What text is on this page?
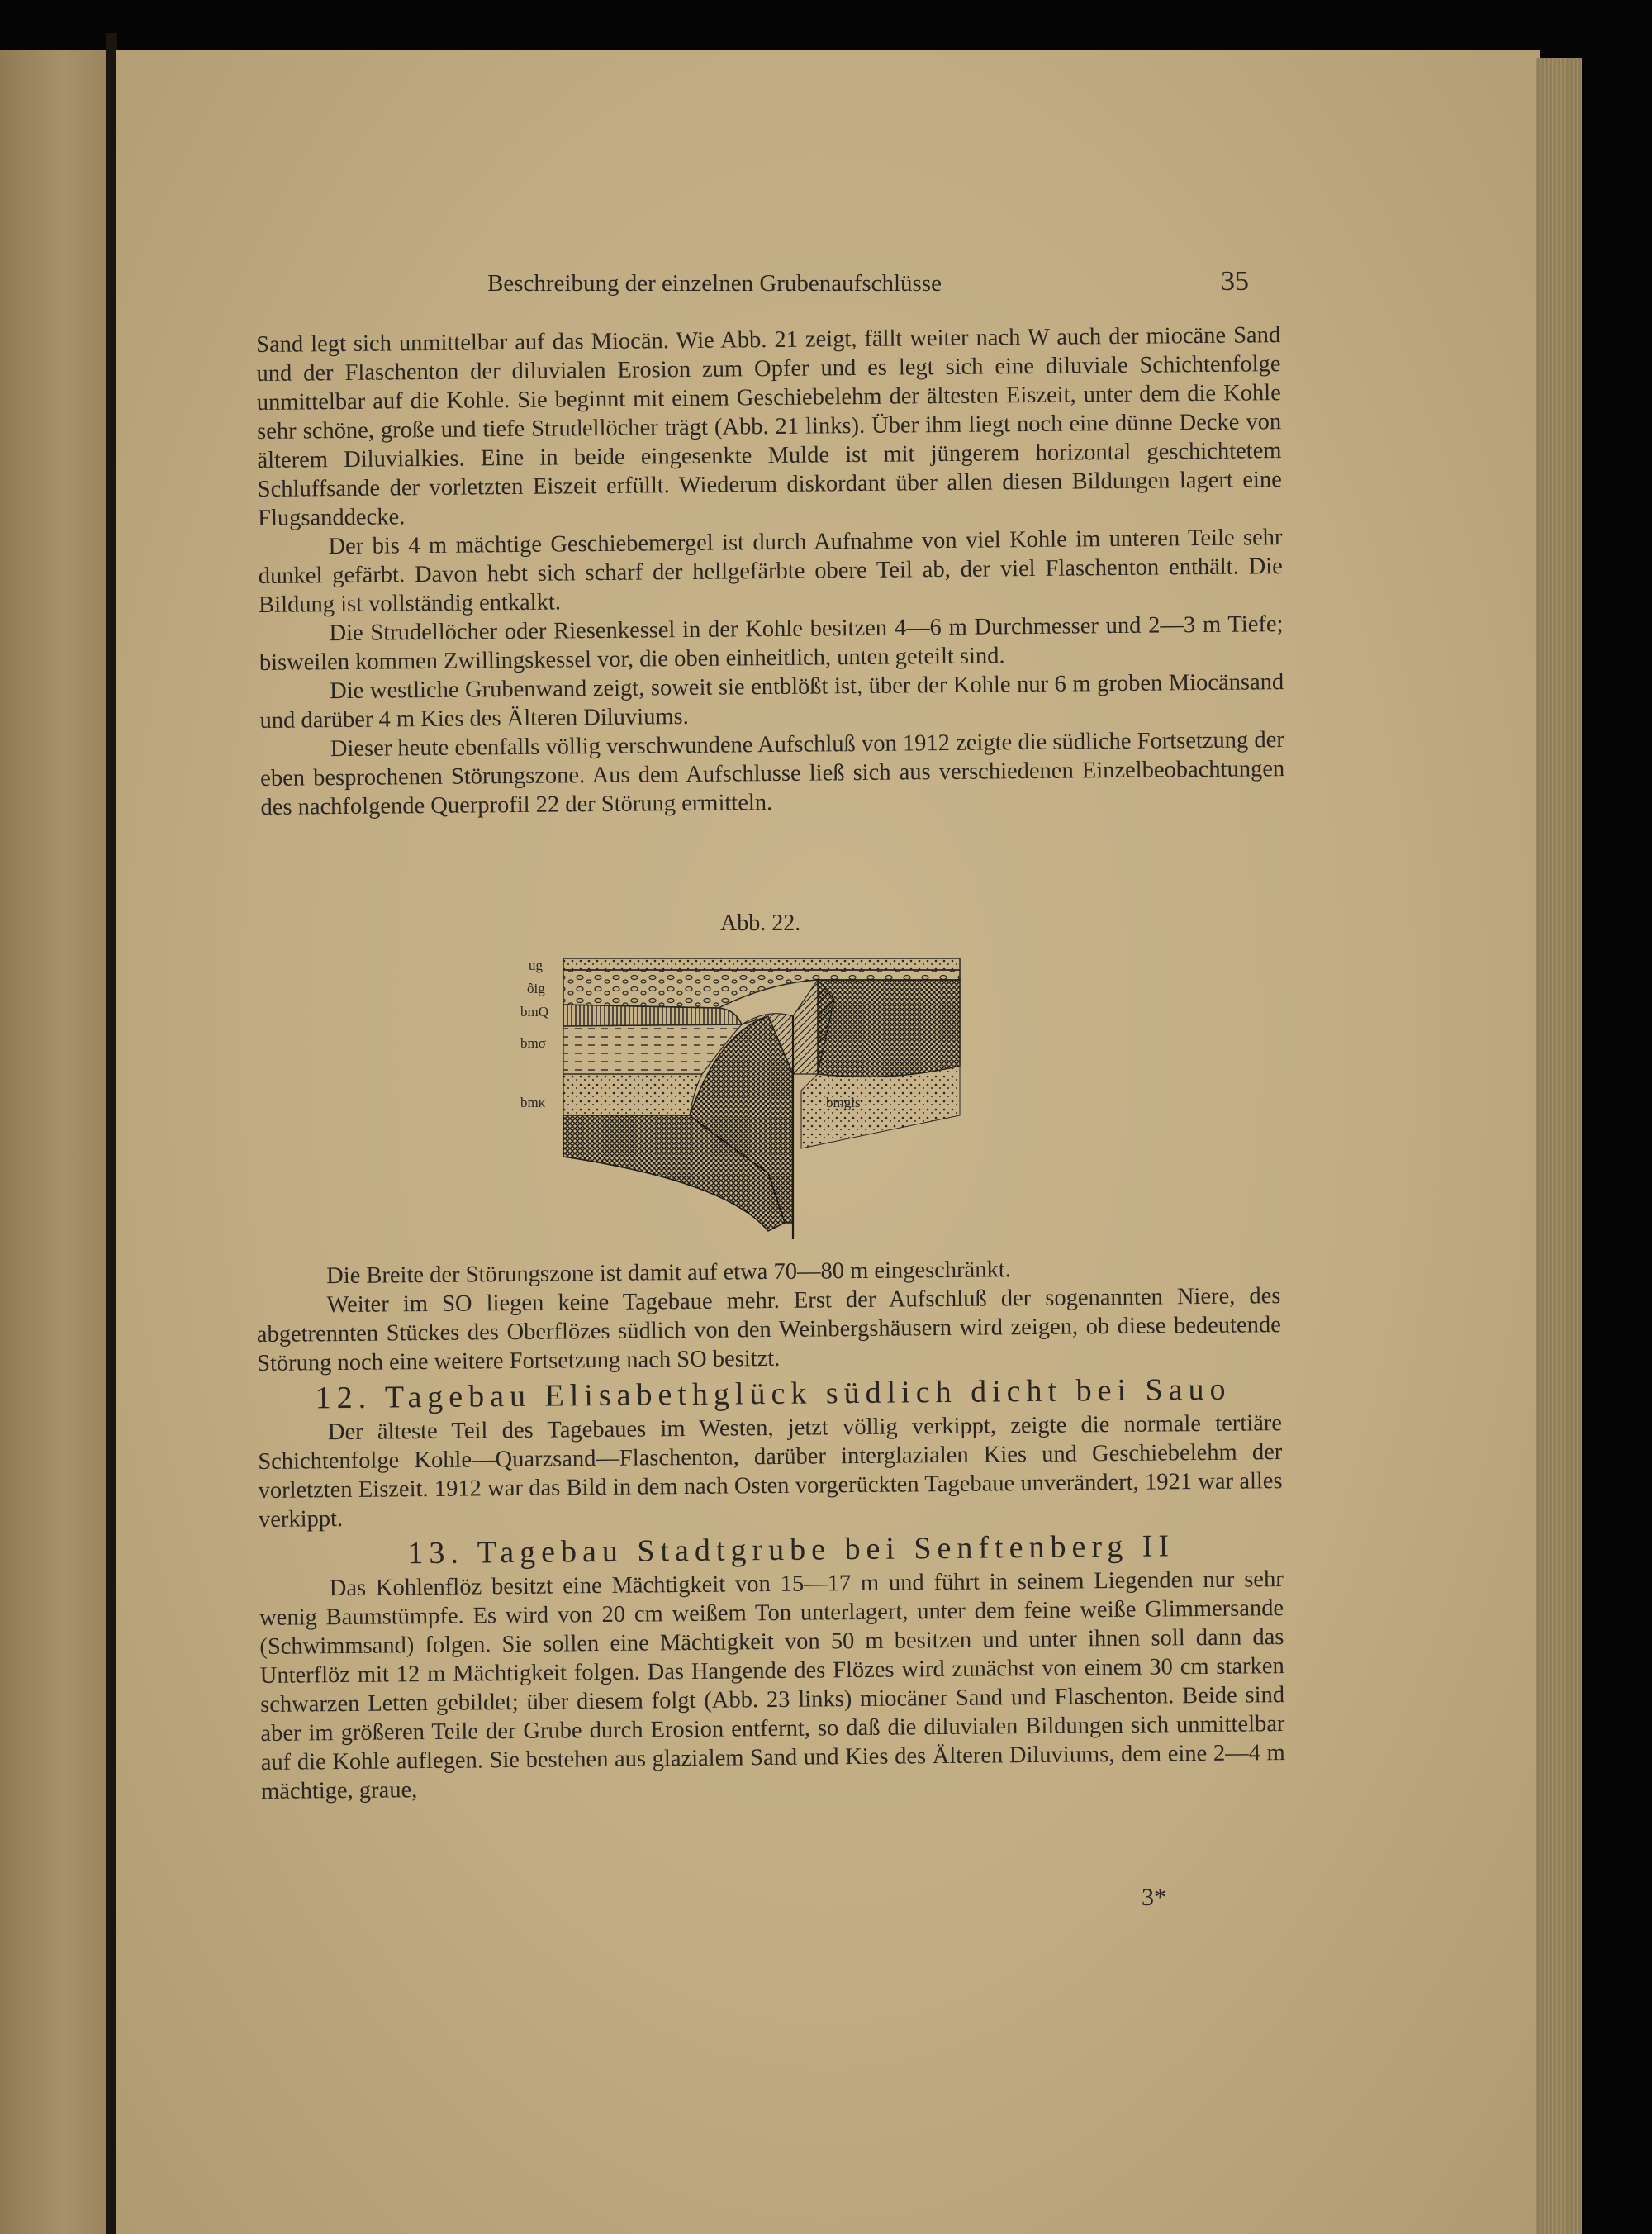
Beschreibung der einzelnen Grubenaufschlüsse	35

Sand legt sich unmittelbar auf das Miocän. Wie Abb. 21 zeigt, fällt weiter nach W auch der miocäne Sand und der Flaschenton der diluvialen Erosion zum Opfer und es legt sich eine diluviale Schichtenfolge unmittelbar auf die Kohle. Sie beginnt mit einem Geschiebelehm der ältesten Eiszeit, unter dem die Kohle sehr schöne, große und tiefe Strudellöcher trägt (Abb. 21 links). Über ihm liegt noch eine dünne Decke von älterem Diluvialkies. Eine in beide eingesenkte Mulde ist mit jüngerem horizontal geschichtetem Schluffsande der vorletzten Eiszeit erfüllt. Wiederum diskordant über allen diesen Bildungen lagert eine Flugsanddecke.

Der bis 4 m mächtige Geschiebemergel ist durch Aufnahme von viel Kohle im unteren Teile sehr dunkel gefärbt. Davon hebt sich scharf der hellgefärbte obere Teil ab, der viel Flaschenton enthält. Die Bildung ist vollständig entkalkt.

Die Strudellöcher oder Riesenkessel in der Kohle besitzen 4—6 m Durchmesser und 2—3 m Tiefe; bisweilen kommen Zwillingskessel vor, die oben einheitlich, unten geteilt sind.

Die westliche Grubenwand zeigt, soweit sie entblößt ist, über der Kohle nur 6 m groben Miocänsand und darüber 4 m Kies des Älteren Diluviums.

Dieser heute ebenfalls völlig verschwundene Aufschluß von 1912 zeigte die südliche Fortsetzung der eben besprochenen Störungszone. Aus dem Aufschlusse ließ sich aus verschiedenen Einzelbeobachtungen des nachfolgende Querprofil 22 der Störung ermitteln.

Abb. 22.
ug
ôig
bmQ
bmσ
bmκ	bmgls

Die Breite der Störungszone ist damit auf etwa 70—80 m eingeschränkt.

Weiter im SO liegen keine Tagebaue mehr. Erst der Aufschluß der sogenannten Niere, des abgetrennten Stückes des Oberflözes südlich von den Weinbergshäusern wird zeigen, ob diese bedeutende Störung noch eine weitere Fortsetzung nach SO besitzt.

12. Tagebau Elisabethglück südlich dicht bei Sauo

Der älteste Teil des Tagebaues im Westen, jetzt völlig verkippt, zeigte die normale tertiäre Schichtenfolge Kohle—Quarzsand—Flaschenton, darüber interglazialen Kies und Geschiebelehm der vorletzten Eiszeit. 1912 war das Bild in dem nach Osten vorgerückten Tagebaue unverändert, 1921 war alles verkippt.

13. Tagebau Stadtgrube bei Senftenberg II

Das Kohlenflöz besitzt eine Mächtigkeit von 15—17 m und führt in seinem Liegenden nur sehr wenig Baumstümpfe. Es wird von 20 cm weißem Ton unterlagert, unter dem feine weiße Glimmersande (Schwimmsand) folgen. Sie sollen eine Mächtigkeit von 50 m besitzen und unter ihnen soll dann das Unterflöz mit 12 m Mächtigkeit folgen. Das Hangende des Flözes wird zunächst von einem 30 cm starken schwarzen Letten gebildet; über diesem folgt (Abb. 23 links) miocäner Sand und Flaschenton. Beide sind aber im größeren Teile der Grube durch Erosion entfernt, so daß die diluvialen Bildungen sich unmittelbar auf die Kohle auflegen. Sie bestehen aus glazialem Sand und Kies des Älteren Diluviums, dem eine 2—4 m mächtige, graue,

3*
